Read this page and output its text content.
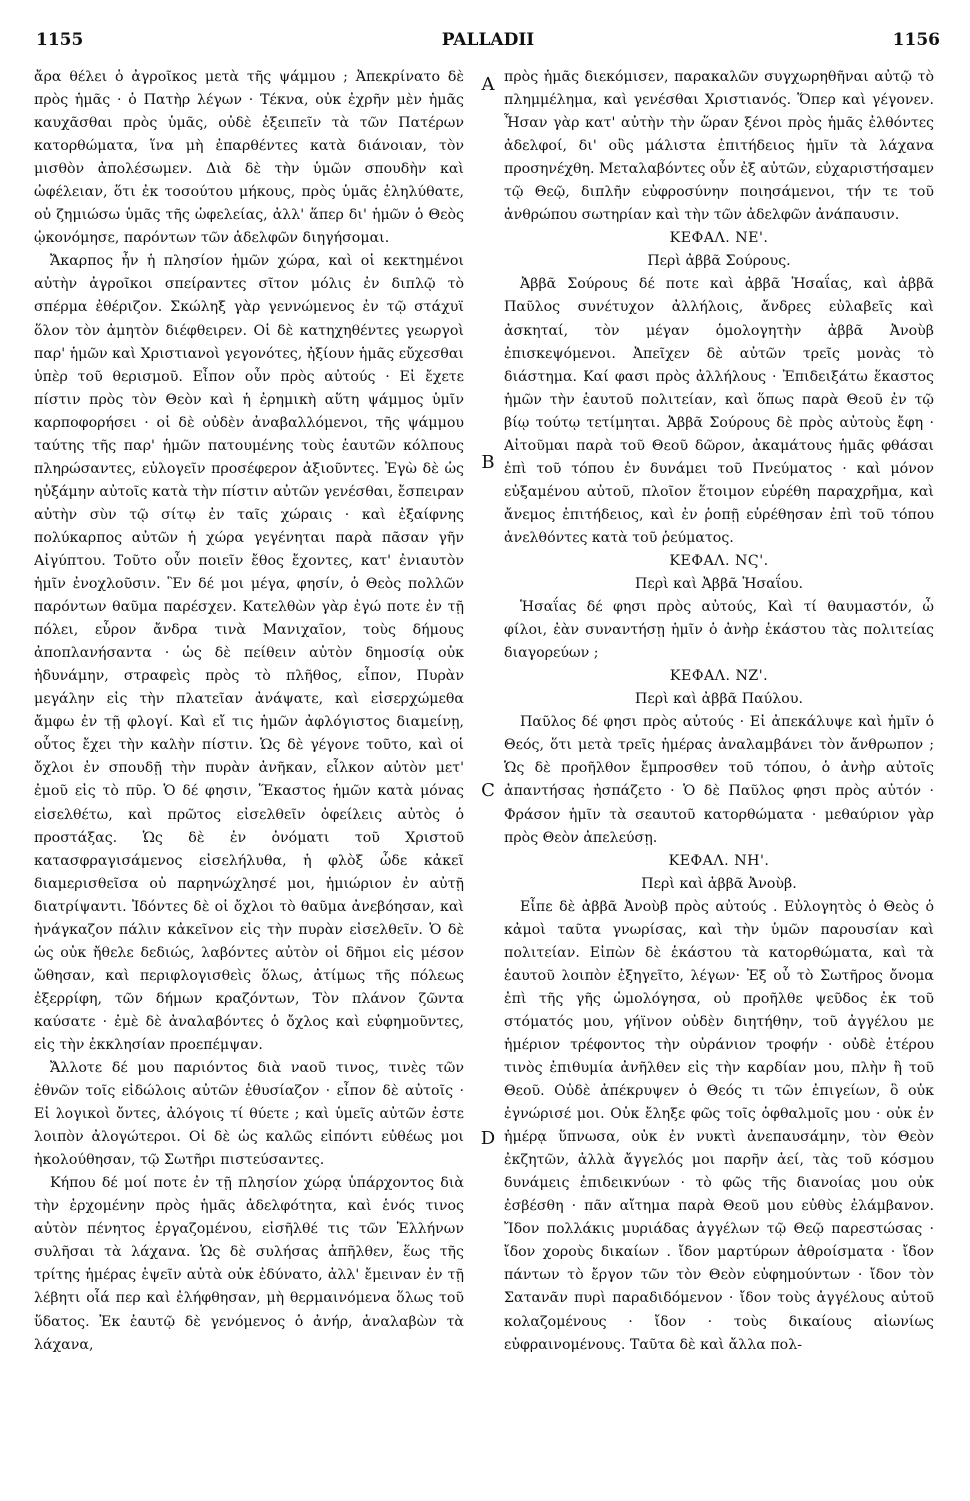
1155	PALLADII	1156

ἄρα θέλει ὁ ἀγροῖκος μετὰ τῆς ψάμμου ; Ἀπεκρίνατο δὲ πρὸς ἡμᾶς · ὁ Πατὴρ λέγων · Τέκνα, οὐκ ἐχρῆν μὲν ἡμᾶς καυχᾶσθαι πρὸς ὑμᾶς, οὐδὲ ἐξειπεῖν τὰ τῶν Πατέρων κατορθώματα, ἵνα μὴ ἐπαρθέντες κατὰ διάνοιαν, τὸν μισθὸν ἀπολέσωμεν. Διὰ δὲ τὴν ὑμῶν σπουδὴν καὶ ὠφέλειαν, ὅτι ἐκ τοσούτου μήκους, πρὸς ὑμᾶς ἐληλύθατε, οὐ ζημιώσω ὑμᾶς τῆς ὠφελείας, ἀλλ' ἅπερ δι' ἡμῶν ὁ Θεὸς ᾠκονόμησε, παρόντων τῶν ἀδελφῶν διηγήσομαι.

Ἄκαρπος ἦν ἡ πλησίον ἡμῶν χώρα, καὶ οἱ κεκτημένοι αὐτὴν ἀγροῖκοι σπείραντες σῖτον μόλις ἐν διπλῷ τὸ σπέρμα ἐθέριζον. Σκώληξ γὰρ γεννώμενος ἐν τῷ στάχυϊ ὅλον τὸν ἀμητὸν διέφθειρεν. Οἱ δὲ κατηχηθέντες γεωργοὶ παρ' ἡμῶν καὶ Χριστιανοὶ γεγονότες, ἠξίουν ἡμᾶς εὔχεσθαι ὑπὲρ τοῦ θερισμοῦ. Εἶπον οὖν πρὸς αὐτούς · Εἰ ἔχετε πίστιν πρὸς τὸν Θεὸν καὶ ἡ ἐρημικὴ αὕτη ψάμμος ὑμῖν καρποφορήσει · οἱ δὲ οὐδὲν ἀναβαλλόμενοι, τῆς ψάμμου ταύτης τῆς παρ' ἡμῶν πατουμένης τοὺς ἑαυτῶν κόλπους πληρώσαντες, εὐλογεῖν προσέφερον ἀξιοῦντες. Ἐγὼ δὲ ὡς ηὐξάμην αὐτοῖς κατὰ τὴν πίστιν αὐτῶν γενέσθαι, ἔσπειραν αὐτὴν σὺν τῷ σίτῳ ἐν ταῖς χώραις · καὶ ἐξαίφνης πολύκαρπος αὐτῶν ἡ χώρα γεγένηται παρὰ πᾶσαν γῆν Αἰγύπτου. Τοῦτο οὖν ποιεῖν ἔθος ἔχοντες, κατ' ἐνιαυτὸν ἡμῖν ἐνοχλοῦσιν. Ἓν δέ μοι μέγα, φησίν, ὁ Θεὸς πολλῶν παρόντων θαῦμα παρέσχεν. Κατελθὼν γὰρ ἐγώ ποτε ἐν τῇ πόλει, εὗρον ἄνδρα τινὰ Μανιχαῖον, τοὺς δήμους ἀποπλανήσαντα · ὡς δὲ πείθειν αὐτὸν δημοσίᾳ οὐκ ἠδυνάμην, στραφεὶς πρὸς τὸ πλῆθος, εἶπον, Πυρὰν μεγάλην εἰς τὴν πλατεῖαν ἀνάψατε, καὶ εἰσερχώμεθα ἄμφω ἐν τῇ φλογί. Καὶ εἴ τις ἡμῶν ἀφλόγιστος διαμείνῃ, οὗτος ἔχει τὴν καλὴν πίστιν. Ὡς δὲ γέγονε τοῦτο, καὶ οἱ ὄχλοι ἐν σπουδῇ τὴν πυρὰν ἀνῆκαν, εἷλκον αὐτὸν μετ' ἐμοῦ εἰς τὸ πῦρ. Ὁ δέ φησιν, Ἕκαστος ἡμῶν κατὰ μόνας εἰσελθέτω, καὶ πρῶτος εἰσελθεῖν ὀφείλεις αὐτὸς ὁ προστάξας. Ὡς δὲ ἐν ὀνόματι τοῦ Χριστοῦ κατασφραγισάμενος εἰσελήλυθα, ἡ φλὸξ ὧδε κἀκεῖ διαμερισθεῖσα οὐ παρηνώχλησέ μοι, ἡμιώριον ἐν αὐτῇ διατρίψαντι. Ἰδόντες δὲ οἱ ὄχλοι τὸ θαῦμα ἀνεβόησαν, καὶ ἠνάγκαζον πάλιν κἀκεῖνον εἰς τὴν πυρὰν εἰσελθεῖν. Ὁ δὲ ὡς οὐκ ἤθελε δεδιώς, λαβόντες αὐτὸν οἱ δῆμοι εἰς μέσον ὤθησαν, καὶ περιφλογισθεὶς ὅλως, ἀτίμως τῆς πόλεως ἐξερρίφη, τῶν δήμων κραζόντων, Τὸν πλάνον ζῶντα καύσατε · ἐμὲ δὲ ἀναλαβόντες ὁ ὄχλος καὶ εὐφημοῦντες, εἰς τὴν ἐκκλησίαν προεπέμψαν.

Ἄλλοτε δέ μου παριόντος διὰ ναοῦ τινος, τινὲς τῶν ἐθνῶν τοῖς εἰδώλοις αὐτῶν ἐθυσίαζον · εἶπον δὲ αὐτοῖς · Εἰ λογικοὶ ὄντες, ἀλόγοις τί θύετε ; καὶ ὑμεῖς αὐτῶν ἐστε λοιπὸν ἀλογώτεροι. Οἱ δὲ ὡς καλῶς εἰπόντι εὐθέως μοι ἠκολούθησαν, τῷ Σωτῆρι πιστεύσαντες.

Κήπου δέ μοί ποτε ἐν τῇ πλησίον χώρᾳ ὑπάρχοντος διὰ τὴν ἐρχομένην πρὸς ἡμᾶς ἀδελφότητα, καὶ ἑνός τινος αὐτὸν πένητος ἐργαζομένου, εἰσῆλθέ τις τῶν Ἑλλήνων συλῆσαι τὰ λάχανα. Ὡς δὲ συλήσας ἀπῆλθεν, ἕως τῆς τρίτης ἡμέρας ἑψεῖν αὐτὰ οὐκ ἐδύνατο, ἀλλ' ἔμειναν ἐν τῇ λέβητι οἷά περ καὶ ἐλήφθησαν, μὴ θερμαινόμενα ὅλως τοῦ ὕδατος. Ἐκ ἑαυτῷ δὲ γενόμενος ὁ ἀνήρ, ἀναλαβὼν τὰ λάχανα,

A
B
C
D

πρὸς ἡμᾶς διεκόμισεν, παρακαλῶν συγχωρηθῆναι αὐτῷ τὸ πλημμέλημα, καὶ γενέσθαι Χριστιανός. Ὅπερ καὶ γέγονεν. Ἦσαν γὰρ κατ' αὐτὴν τὴν ὥραν ξένοι πρὸς ἡμᾶς ἐλθόντες ἀδελφοί, δι' οὓς μάλιστα ἐπιτήδειος ἡμῖν τὰ λάχανα προσηνέχθη. Μεταλαβόντες οὖν ἐξ αὐτῶν, εὐχαριστήσαμεν τῷ Θεῷ, διπλῆν εὐφροσύνην ποιησάμενοι, τήν τε τοῦ ἀνθρώπου σωτηρίαν καὶ τὴν τῶν ἀδελφῶν ἀνάπαυσιν.

ΚΕΦΑΛ. ΝΕ'.
Περὶ ἀββᾶ Σούρους.

Ἀββᾶ Σούρους δέ ποτε καὶ ἀββᾶ Ἡσαΐας, καὶ ἀββᾶ Παῦλος συνέτυχον ἀλλήλοις, ἄνδρες εὐλαβεῖς καὶ ἀσκηταί, τὸν μέγαν ὁμολογητὴν ἀββᾶ Ἀνοὺβ ἐπισκεψόμενοι. Ἀπεῖχεν δὲ αὐτῶν τρεῖς μονὰς τὸ διάστημα. Καί φασι πρὸς ἀλλήλους · Ἐπιδειξάτω ἕκαστος ἡμῶν τὴν ἑαυτοῦ πολιτείαν, καὶ ὅπως παρὰ Θεοῦ ἐν τῷ βίῳ τούτῳ τετίμηται. Ἀββᾶ Σούρους δὲ πρὸς αὐτοὺς ἔφη · Αἰτοῦμαι παρὰ τοῦ Θεοῦ δῶρον, ἀκαμάτους ἡμᾶς φθάσαι ἐπὶ τοῦ τόπου ἐν δυνάμει τοῦ Πνεύματος · καὶ μόνον εὐξαμένου αὐτοῦ, πλοῖον ἕτοιμον εὑρέθη παραχρῆμα, καὶ ἄνεμος ἐπιτήδειος, καὶ ἐν ῥοπῇ εὑρέθησαν ἐπὶ τοῦ τόπου ἀνελθόντες κατὰ τοῦ ῥεύματος.

ΚΕΦΑΛ. ΝϚ'.
Περὶ καὶ Ἀββᾶ Ἡσαΐου.

Ἡσαΐας δέ φησι πρὸς αὐτούς, Καὶ τί θαυμαστόν, ὦ φίλοι, ἐὰν συναντήσῃ ἡμῖν ὁ ἀνὴρ ἑκάστου τὰς πολιτείας διαγορεύων ;

ΚΕΦΑΛ. ΝΖ'.
Περὶ καὶ ἀββᾶ Παύλου.

Παῦλος δέ φησι πρὸς αὐτούς · Εἰ ἀπεκάλυψε καὶ ἡμῖν ὁ Θεός, ὅτι μετὰ τρεῖς ἡμέρας ἀναλαμβάνει τὸν ἄνθρωπον ; Ὡς δὲ προῆλθον ἔμπροσθεν τοῦ τόπου, ὁ ἀνὴρ αὐτοῖς ἀπαντήσας ἠσπάζετο · Ὁ δὲ Παῦλος φησι πρὸς αὐτόν · Φράσον ἡμῖν τὰ σεαυτοῦ κατορθώματα · μεθαύριον γὰρ πρὸς Θεὸν ἀπελεύσῃ.

ΚΕΦΑΛ. ΝΗ'.
Περὶ καὶ ἀββᾶ Ἀνοὺβ.

Εἶπε δὲ ἀββᾶ Ἀνοὺβ πρὸς αὐτούς . Εὐλογητὸς ὁ Θεὸς ὁ κἀμοὶ ταῦτα γνωρίσας, καὶ τὴν ὑμῶν παρουσίαν καὶ πολιτείαν. Εἰπὼν δὲ ἑκάστου τὰ κατορθώματα, καὶ τὰ ἑαυτοῦ λοιπὸν ἐξηγεῖτο, λέγων· Ἐξ οὗ τὸ Σωτῆρος ὄνομα ἐπὶ τῆς γῆς ὡμολόγησα, οὐ προῆλθε ψεῦδος ἐκ τοῦ στόματός μου, γήϊνον οὐδὲν διητήθην, τοῦ ἀγγέλου με ἡμέριον τρέφοντος τὴν οὐράνιον τροφήν · οὐδὲ ἑτέρου τινὸς ἐπιθυμία ἀνῆλθεν εἰς τὴν καρδίαν μου, πλὴν ἢ τοῦ Θεοῦ. Οὐδὲ ἀπέκρυψεν ὁ Θεός τι τῶν ἐπιγείων, ὃ οὐκ ἐγνώρισέ μοι. Οὐκ ἔληξε φῶς τοῖς ὀφθαλμοῖς μου · οὐκ ἐν ἡμέρᾳ ὕπνωσα, οὐκ ἐν νυκτὶ ἀνεπαυσάμην, τὸν Θεὸν ἐκζητῶν, ἀλλὰ ἄγγελός μοι παρῆν ἀεί, τὰς τοῦ κόσμου δυνάμεις ἐπιδεικνύων · τὸ φῶς τῆς διανοίας μου οὐκ ἐσβέσθη · πᾶν αἴτημα παρὰ Θεοῦ μου εὐθὺς ἐλάμβανον. Ἴδον πολλάκις μυριάδας ἀγγέλων τῷ Θεῷ παρεστώσας · ἴδον χοροὺς δικαίων . ἴδον μαρτύρων ἀθροίσματα · ἴδον πάντων τὸ ἔργον τῶν τὸν Θεὸν εὐφημούντων · ἴδον τὸν Σατανᾶν πυρὶ παραδιδόμενον · ἴδον τοὺς ἀγγέλους αὐτοῦ κολαζομένους · ἴδον · τοὺς δικαίους αἰωνίως εὐφραινομένους. Ταῦτα δὲ καὶ ἄλλα πολ-
